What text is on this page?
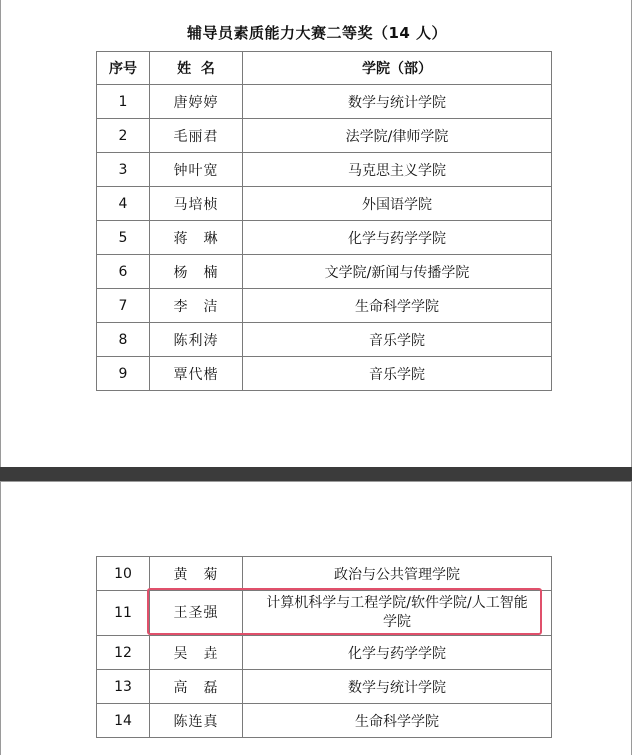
辅导员素质能力大赛二等奖（14 人）
序号	姓  名	学院（部）
1	唐婷婷	数学与统计学院
2	毛丽君	法学院/律师学院
3	钟叶宽	马克思主义学院
4	马培桢	外国语学院
5	蒋　琳	化学与药学学院
6	杨　楠	文学院/新闻与传播学院
7	李　洁	生命科学学院
8	陈利涛	音乐学院
9	覃代楷	音乐学院
10	黄　菊	政治与公共管理学院
11	王圣强	计算机科学与工程学院/软件学院/人工智能学院
12	吴　垚	化学与药学学院
13	高　磊	数学与统计学院
14	陈连真	生命科学学院
